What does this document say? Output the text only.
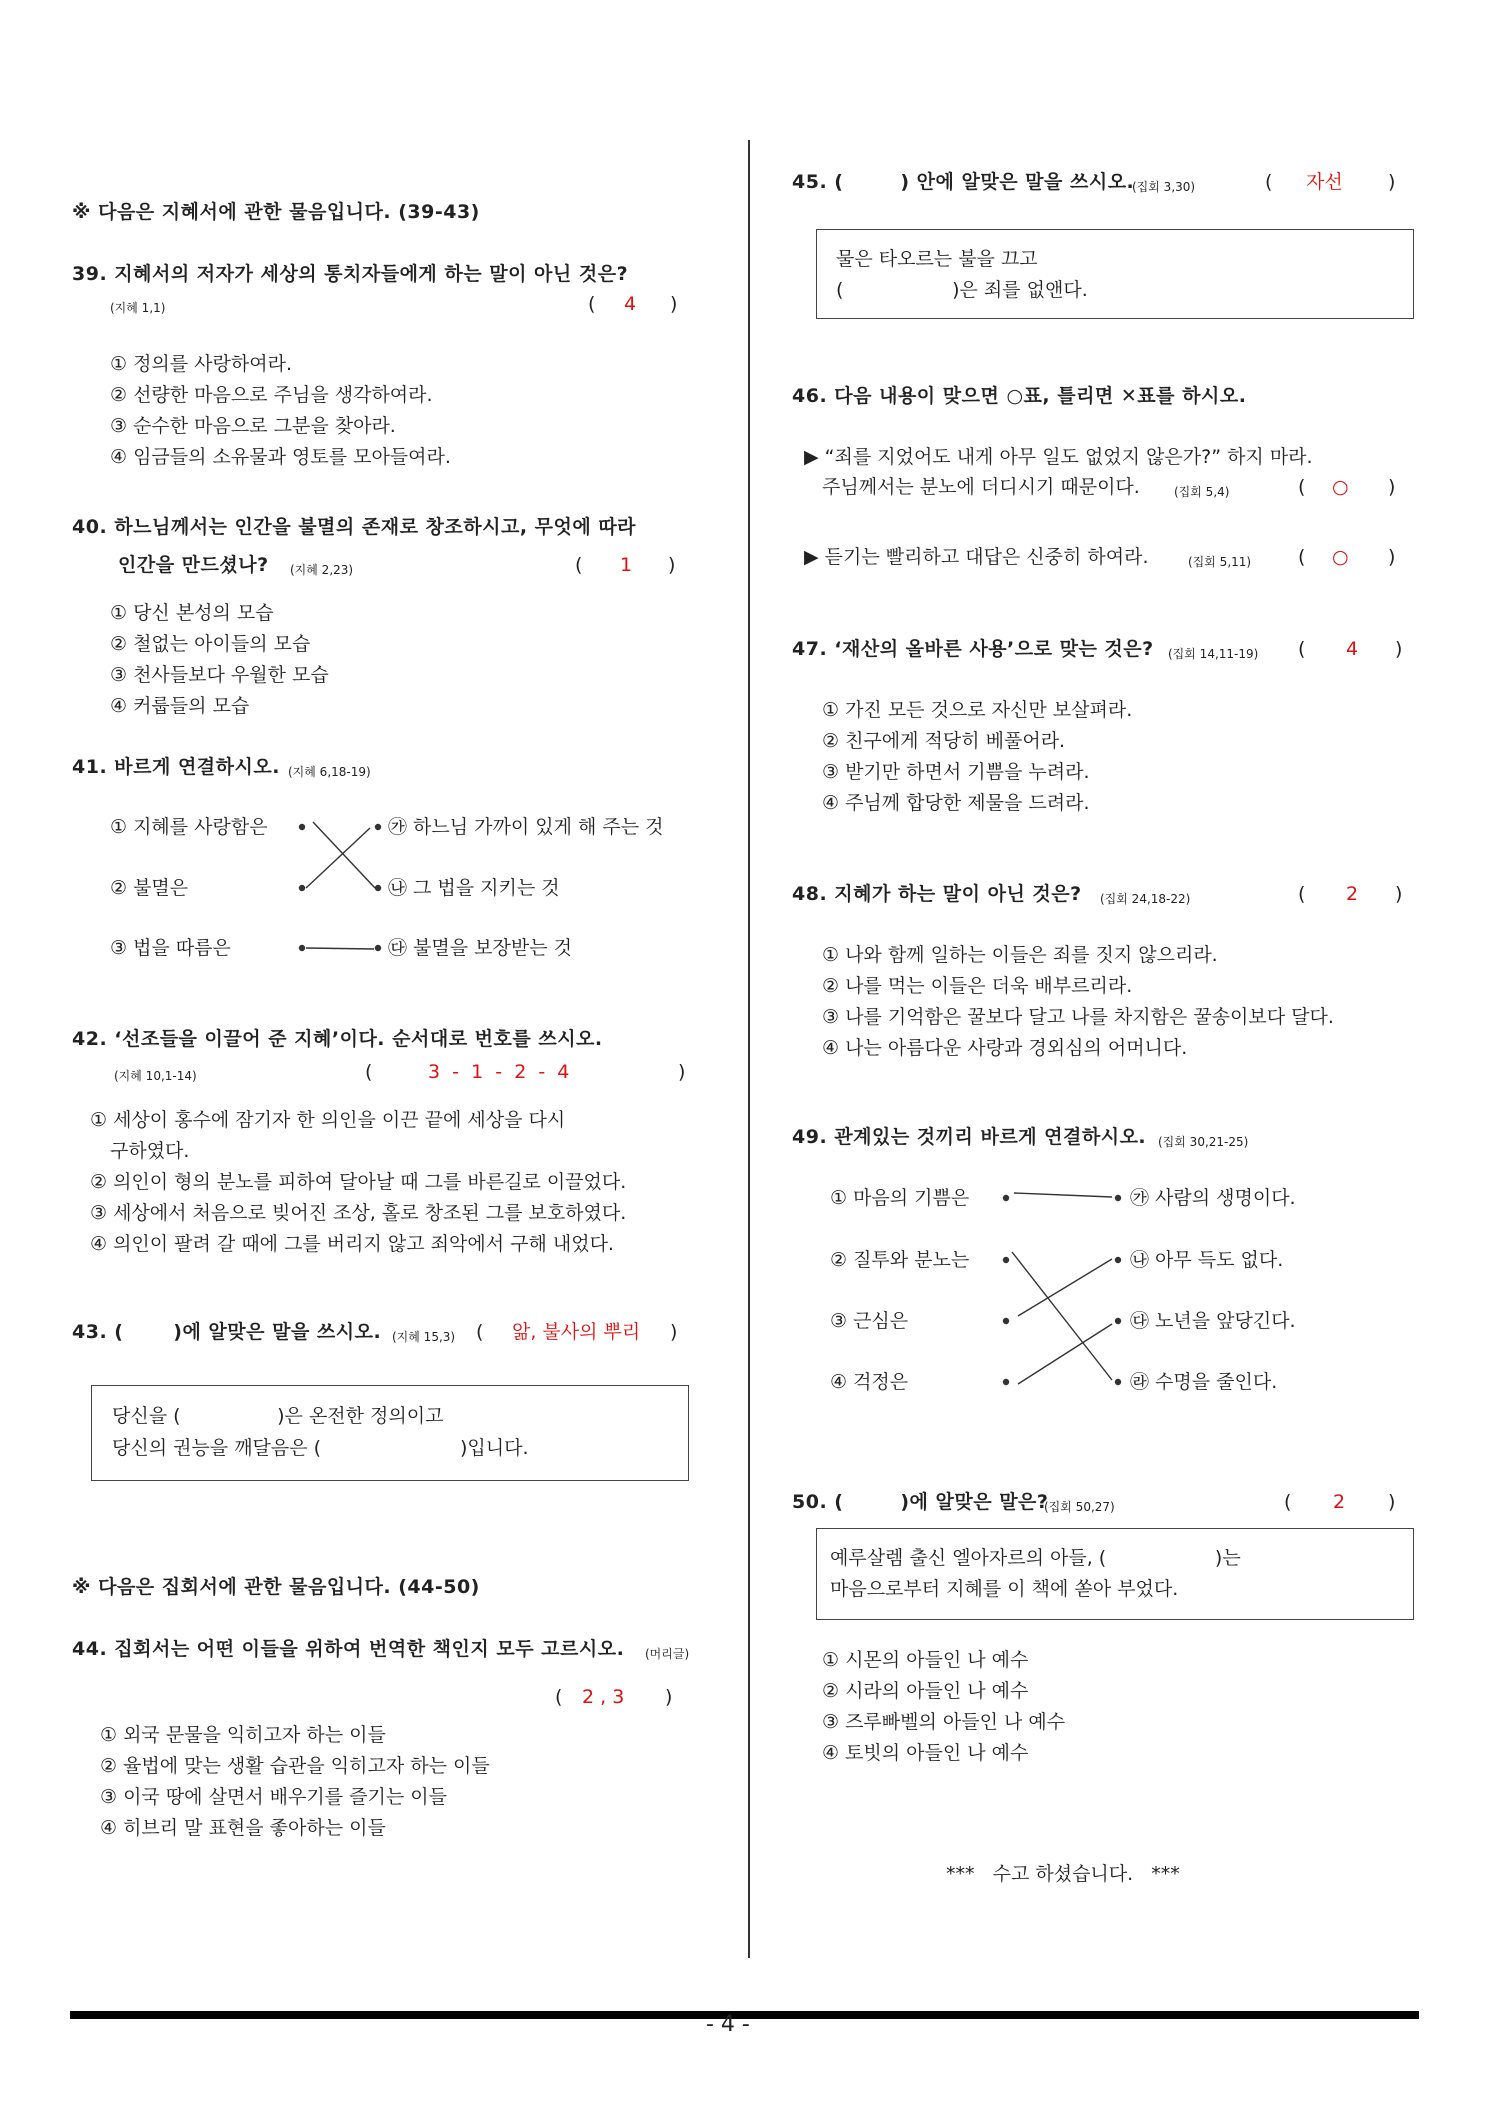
※ 다음은 지혜서에 관한 물음입니다. (39-43)
39. 지혜서의 저자가 세상의 통치자들에게 하는 말이 아닌 것은?
(지혜 1,1)	( 4 )
① 정의를 사랑하여라.
② 선량한 마음으로 주님을 생각하여라.
③ 순수한 마음으로 그분을 찾아라.
④ 임금들의 소유물과 영토를 모아들여라.
40. 하느님께서는 인간을 불멸의 존재로 창조하시고, 무엇에 따라
인간을 만드셨나? (지혜 2,23)	( 1 )
① 당신 본성의 모습
② 철없는 아이들의 모습
③ 천사들보다 우월한 모습
④ 커룹들의 모습
41. 바르게 연결하시오. (지혜 6,18-19)
① 지혜를 사랑함은
② 불멸은
③ 법을 따름은
㉮ 하느님 가까이 있게 해 주는 것
㉯ 그 법을 지키는 것
㉰ 불멸을 보장받는 것
42. ‘선조들을 이끌어 준 지혜’이다. 순서대로 번호를 쓰시오.
(지혜 10,1-14)	(	3  -  1  -  2  -  4	)
① 세상이 홍수에 잠기자 한 의인을 이끈 끝에 세상을 다시
구하였다.
② 의인이 형의 분노를 피하여 달아날 때 그를 바른길로 이끌었다.
③ 세상에서 처음으로 빚어진 조상, 홀로 창조된 그를 보호하였다.
④ 의인이 팔려 갈 때에 그를 버리지 않고 죄악에서 구해 내었다.
43. (       )에 알맞은 말을 쓰시오. (지혜 15,3) ( 앎, 불사의 뿌리 )
당신을 (                )은 온전한 정의이고
당신의 권능을 깨달음은 (                       )입니다.
※ 다음은 집회서에 관한 물음입니다. (44-50)
44. 집회서는 어떤 이들을 위하여 번역한 책인지 모두 고르시오. (머리글)
( 2 , 3 )
① 외국 문물을 익히고자 하는 이들
② 율법에 맞는 생활 습관을 익히고자 하는 이들
③ 이국 땅에 살면서 배우기를 즐기는 이들
④ 히브리 말 표현을 좋아하는 이들
45. (        ) 안에 알맞은 말을 쓰시오.
(집회 3,30)	( 자선 )
물은 타오르는 불을 끄고
(                  )은 죄를 없앤다.
46. 다음 내용이 맞으면 ○표, 틀리면 ✕표를 하시오.
▶ “죄를 지었어도 내게 아무 일도 없었지 않은가?” 하지 마라.
주님께서는 분노에 더디시기 때문이다.	(집회 5,4)	( ○ )
▶ 듣기는 빨리하고 대답은 신중히 하여라.	(집회 5,11) ( ○ )
47. ‘재산의 올바른 사용’으로 맞는 것은? (집회 14,11-19) ( 4 )
① 가진 모든 것으로 자신만 보살펴라.
② 친구에게 적당히 베풀어라.
③ 받기만 하면서 기쁨을 누려라.
④ 주님께 합당한 제물을 드려라.
48. 지혜가 하는 말이 아닌 것은? (집회 24,18-22)	( 2 )
① 나와 함께 일하는 이들은 죄를 짓지 않으리라.
② 나를 먹는 이들은 더욱 배부르리라.
③ 나를 기억함은 꿀보다 달고 나를 차지함은 꿀송이보다 달다.
④ 나는 아름다운 사랑과 경외심의 어머니다.
49. 관계있는 것끼리 바르게 연결하시오. (집회 30,21-25)
① 마음의 기쁨은
② 질투와 분노는
③ 근심은
④ 걱정은
㉮ 사람의 생명이다.
㉯ 아무 득도 없다.
㉰ 노년을 앞당긴다.
㉱ 수명을 줄인다.
50. (        )에 알맞은 말은?
(집회 50,27)	( 2 )
예루살렘 출신 엘아자르의 아들, (                  )는
마음으로부터 지혜를 이 책에 쏟아 부었다.
① 시몬의 아들인 나 예수
② 시라의 아들인 나 예수
③ 즈루빠벨의 아들인 나 예수
④ 토빗의 아들인 나 예수
***   수고 하셨습니다.   ***
- 4 -
